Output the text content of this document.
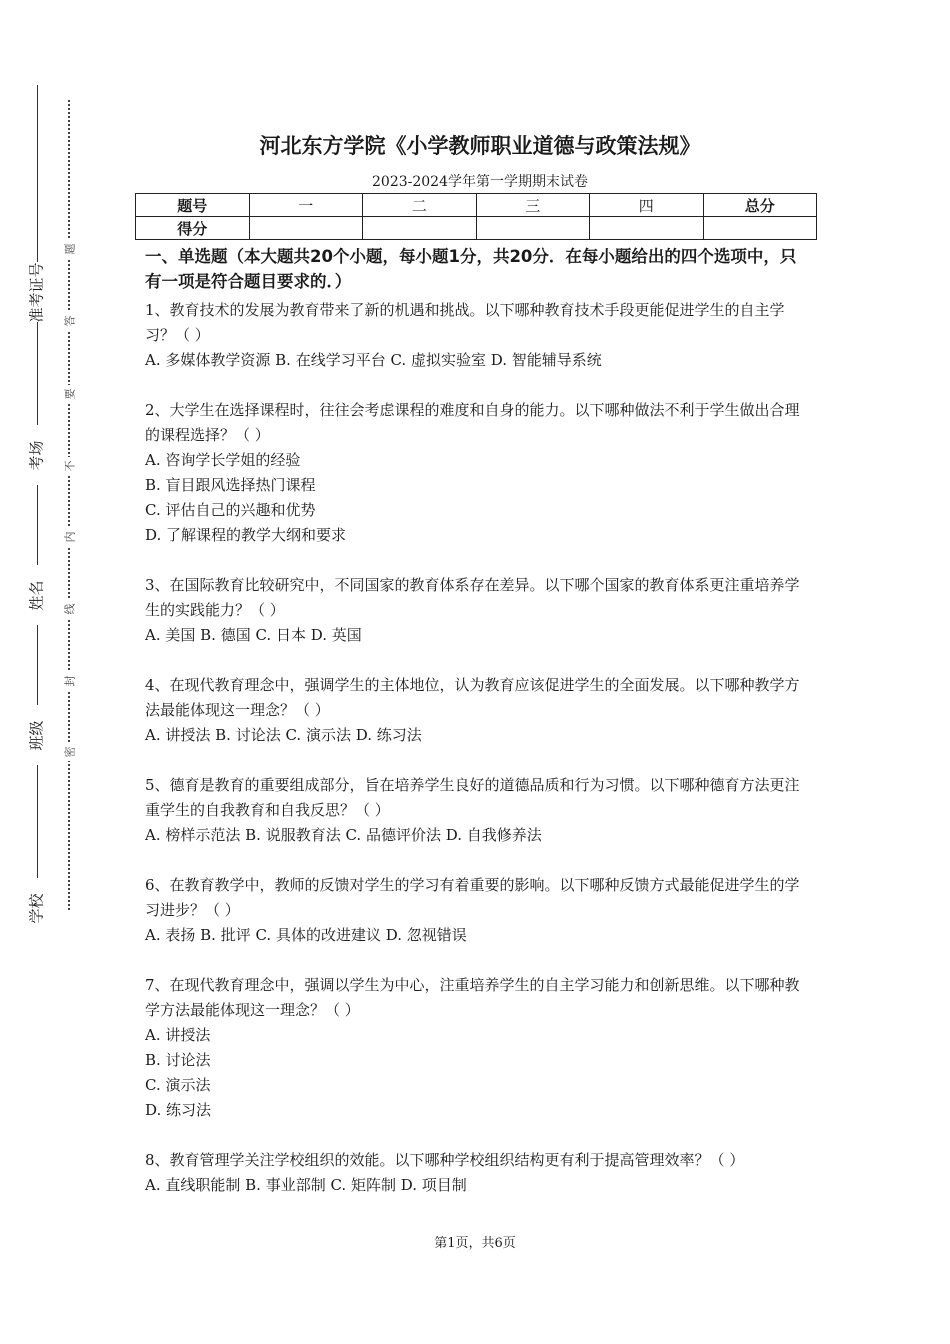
准考证号
考场
姓名
班级
学校
题
答
要
不
内
线
封
密
河北东方学院《小学教师职业道德与政策法规》
2023-2024学年第一学期期末试卷
题号	一	二	三	四	总分
得分					
一、单选题（本大题共20个小题，每小题1分，共20分．在每小题给出的四个选项中，只有一项是符合题目要求的．）
1、教育技术的发展为教育带来了新的机遇和挑战。以下哪种教育技术手段更能促进学生的自主学习？（ ）
A. 多媒体教学资源 B. 在线学习平台 C. 虚拟实验室 D. 智能辅导系统
2、大学生在选择课程时，往往会考虑课程的难度和自身的能力。以下哪种做法不利于学生做出合理的课程选择？（ ）
A. 咨询学长学姐的经验
B. 盲目跟风选择热门课程
C. 评估自己的兴趣和优势
D. 了解课程的教学大纲和要求
3、在国际教育比较研究中，不同国家的教育体系存在差异。以下哪个国家的教育体系更注重培养学生的实践能力？（ ）
A. 美国 B. 德国 C. 日本 D. 英国
4、在现代教育理念中，强调学生的主体地位，认为教育应该促进学生的全面发展。以下哪种教学方法最能体现这一理念？（ ）
A. 讲授法 B. 讨论法 C. 演示法 D. 练习法
5、德育是教育的重要组成部分，旨在培养学生良好的道德品质和行为习惯。以下哪种德育方法更注重学生的自我教育和自我反思？（ ）
A. 榜样示范法 B. 说服教育法 C. 品德评价法 D. 自我修养法
6、在教育教学中，教师的反馈对学生的学习有着重要的影响。以下哪种反馈方式最能促进学生的学习进步？（ ）
A. 表扬 B. 批评 C. 具体的改进建议 D. 忽视错误
7、在现代教育理念中，强调以学生为中心，注重培养学生的自主学习能力和创新思维。以下哪种教学方法最能体现这一理念？（ ）
A. 讲授法
B. 讨论法
C. 演示法
D. 练习法
8、教育管理学关注学校组织的效能。以下哪种学校组织结构更有利于提高管理效率？（ ）
A. 直线职能制 B. 事业部制 C. 矩阵制 D. 项目制
第1页，共6页
